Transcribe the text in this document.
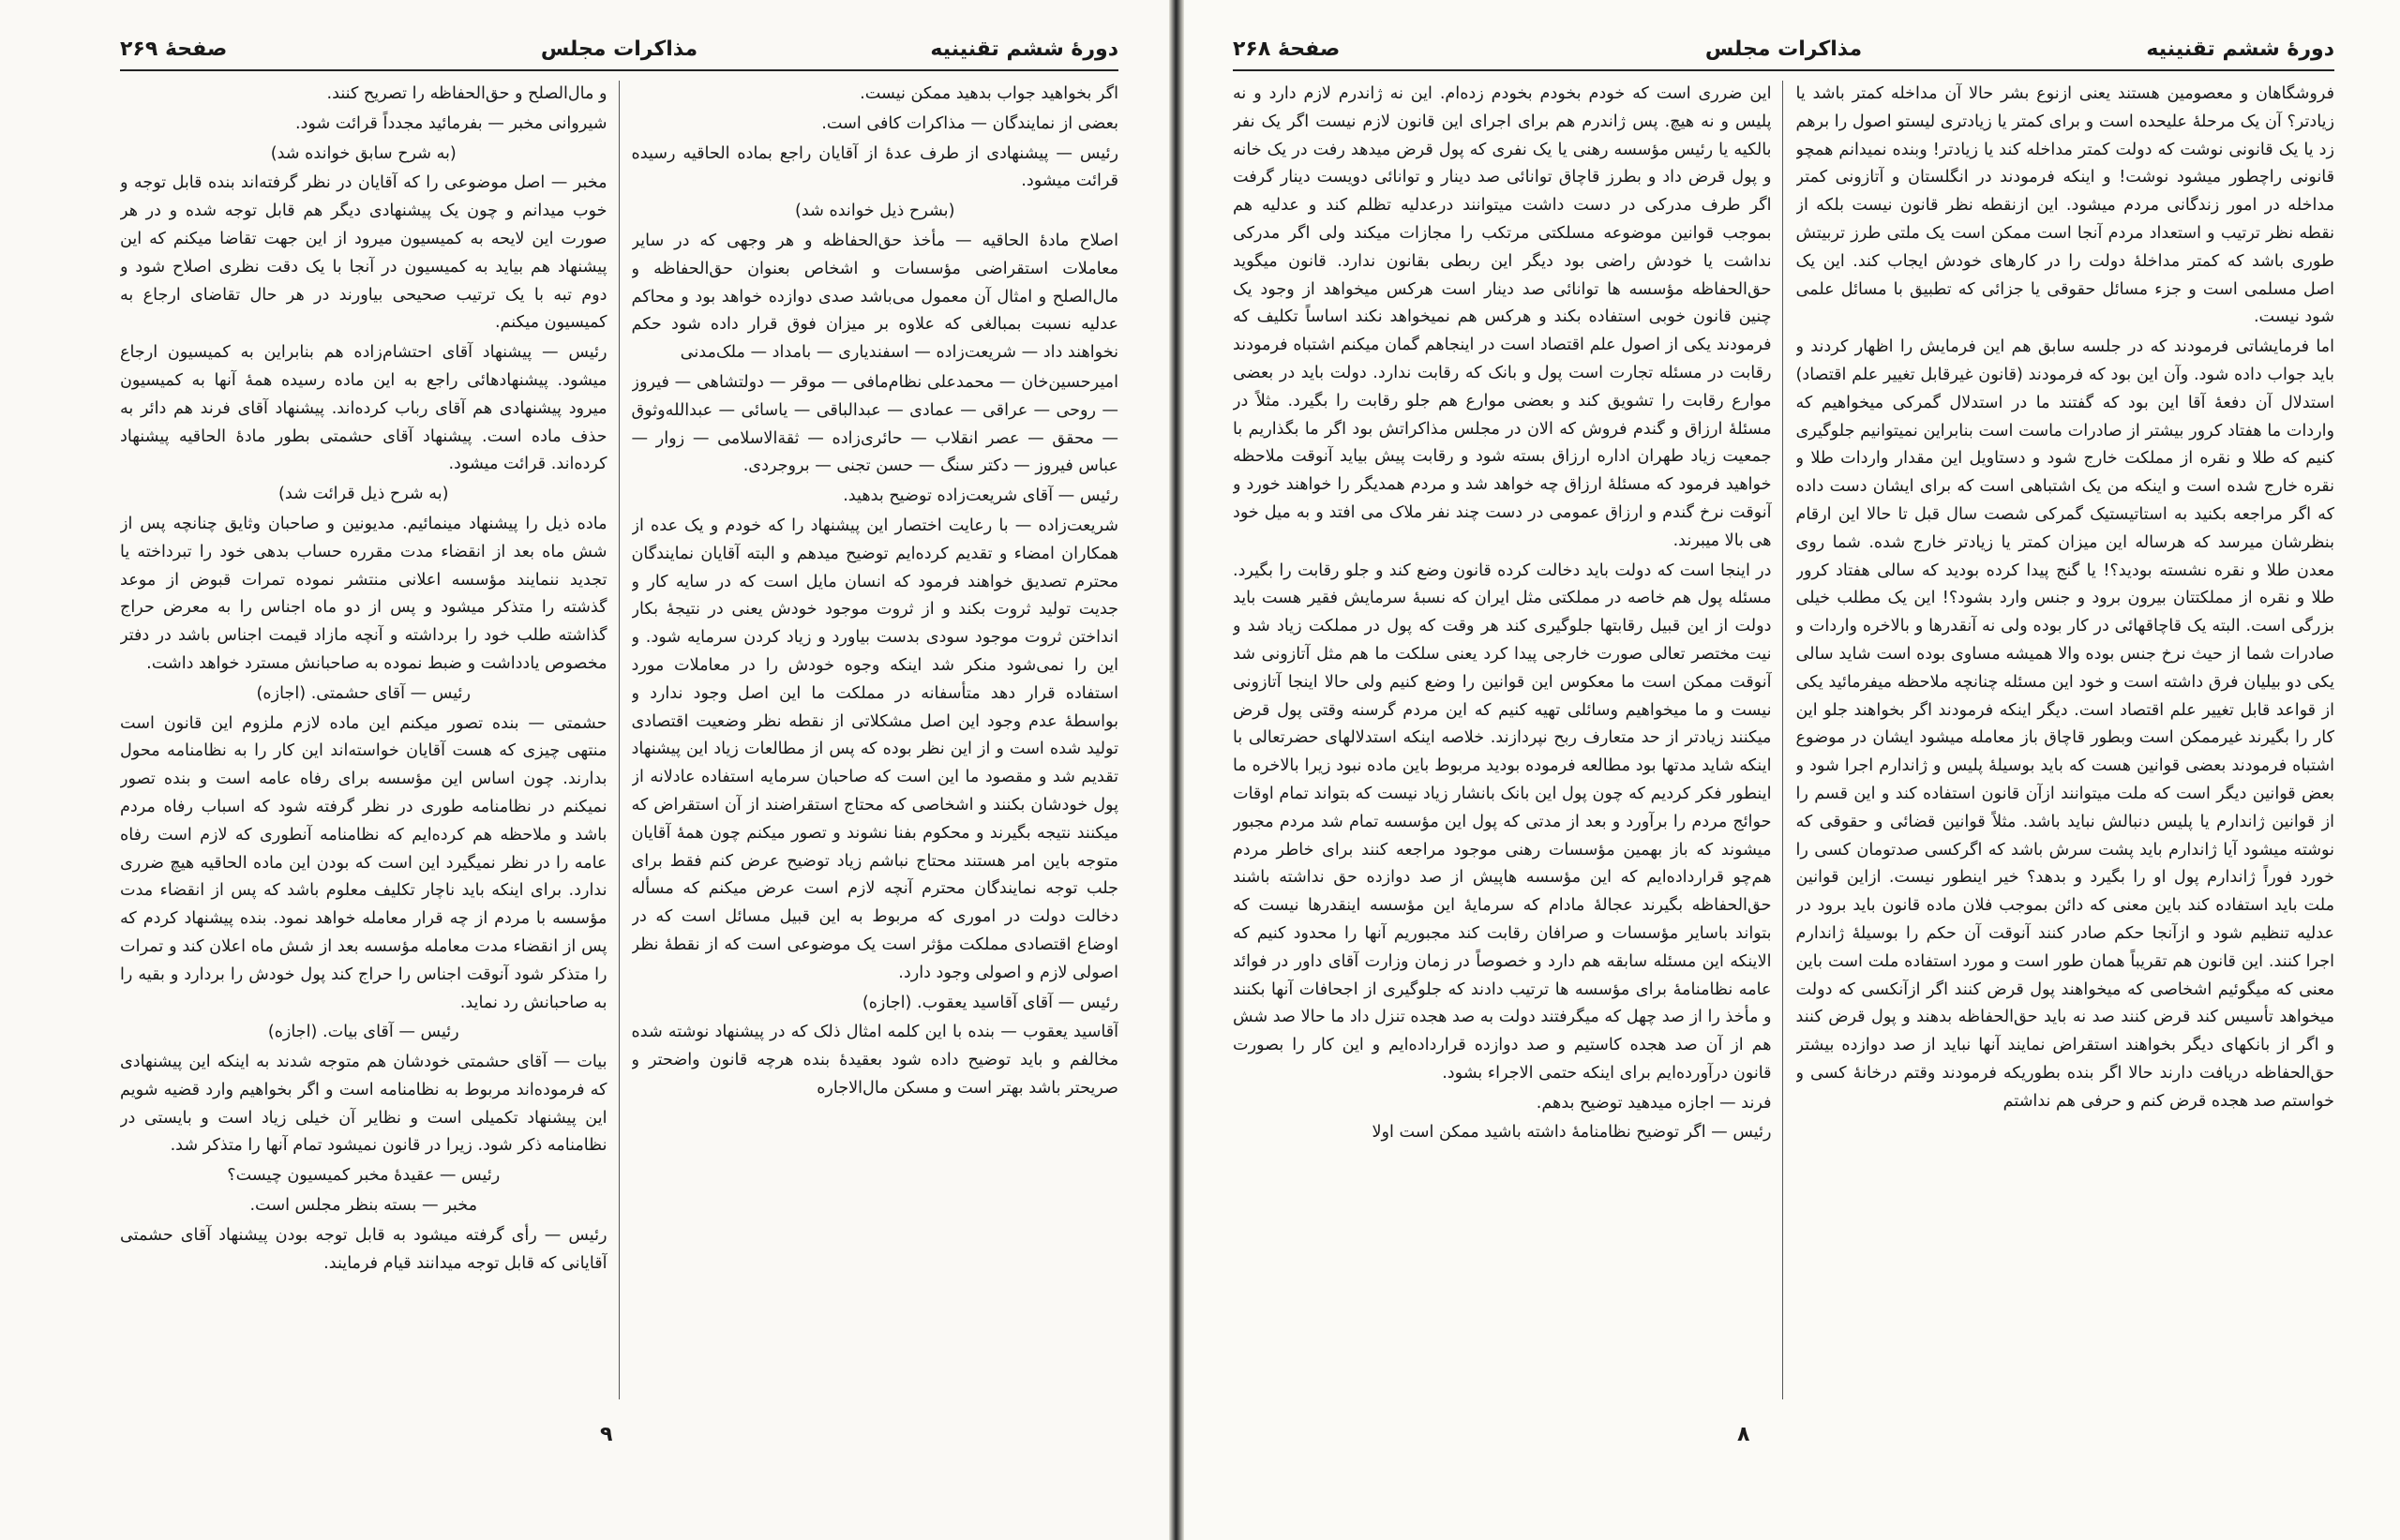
دورهٔ ششم تقنینیه
مذاکرات مجلس
صفحهٔ ۲۶۹

اگر بخواهید جواب بدهید ممکن نیست.

بعضی از نمایندگان — مذاکرات کافی است.

رئیس — پیشنهادی از طرف عدهٔ از آقایان راجع بماده الحاقیه رسیده قرائت میشود.

(بشرح ذیل خوانده شد)

اصلاح مادهٔ الحاقیه — مأخذ حق‌الحفاظه و هر وجهی که در سایر معاملات استقراضی مؤسسات و اشخاص بعنوان حق‌الحفاظه و مال‌الصلح و امثال آن معمول می‌باشد صدی دوازده خواهد بود و محاکم عدلیه نسبت بمبالغی که علاوه بر میزان فوق قرار داده شود حکم نخواهند داد — شریعت‌زاده — اسفندیاری — بامداد — ملک‌مدنی

امیرحسین‌خان — محمدعلی نظام‌مافی — موقر — دولتشاهی — فیروز — روحی — عراقی — عمادی — عبدالباقی — یاسائی — عبدالله‌وثوق — محقق — عصر انقلاب — حائری‌زاده — ثقةالاسلامی — زوار — عباس فیروز — دکتر سنگ — حسن تجنی — بروجردی.

رئیس — آقای شریعت‌زاده توضیح بدهید.

شریعت‌زاده — با رعایت اختصار این پیشنهاد را که خودم و یک عده از همکاران امضاء و تقدیم کرده‌ایم توضیح میدهم و البته آقایان نمایندگان محترم تصدیق خواهند فرمود که انسان مایل است که در سایه کار و جدیت تولید ثروت بکند و از ثروت موجود خودش یعنی در نتیجهٔ بکار انداختن ثروت موجود سودی بدست بیاورد و زیاد کردن سرمایه شود. و این را نمی‌شود منکر شد اینکه وجوه خودش را در معاملات مورد استفاده قرار دهد متأسفانه در مملکت ما این اصل وجود ندارد و بواسطهٔ عدم وجود این اصل مشکلاتی از نقطه نظر وضعیت اقتصادی تولید شده است و از این نظر بوده که پس از مطالعات زیاد این پیشنهاد تقدیم شد و مقصود ما این است که صاحبان سرمایه استفاده عادلانه از پول خودشان بکنند و اشخاصی که محتاج استقراضند از آن استقراض که میکنند نتیجه بگیرند و محکوم بفنا نشوند و تصور میکنم چون همهٔ آقایان متوجه باین امر هستند محتاج نباشم زیاد توضیح عرض کنم فقط برای جلب توجه نمایندگان محترم آنچه لازم است عرض میکنم که مسأله دخالت دولت در اموری که مربوط به این قبیل مسائل است که در اوضاع اقتصادی مملکت مؤثر است یک موضوعی است که از نقطهٔ نظر اصولی لازم و اصولی وجود دارد.

رئیس — آقای آقاسید یعقوب. (اجازه)

آقاسید یعقوب — بنده با این کلمه امثال ذلک که در پیشنهاد نوشته شده مخالفم و باید توضیح داده شود بعقیدهٔ بنده هرچه قانون واضحتر و صریحتر باشد بهتر است و مسکن مال‌الاجاره

و مال‌الصلح و حق‌الحفاظه را تصریح کنند.

شیروانی مخبر — بفرمائید مجدداً قرائت شود.

(به شرح سابق خوانده شد)

مخبر — اصل موضوعی را که آقایان در نظر گرفته‌اند بنده قابل توجه و خوب میدانم و چون یک پیشنهادی دیگر هم قابل توجه شده و در هر صورت این لایحه به کمیسیون میرود از این جهت تقاضا میکنم که این پیشنهاد هم بیاید به کمیسیون در آنجا با یک دقت نظری اصلاح شود و دوم تبه با یک ترتیب صحیحی بیاورند در هر حال تقاضای ارجاع به کمیسیون میکنم.

رئیس — پیشنهاد آقای احتشام‌زاده هم بنابراین به کمیسیون ارجاع میشود. پیشنهادهائی راجع به این ماده رسیده همهٔ آنها به کمیسیون میرود پیشنهادی هم آقای رباب کرده‌اند. پیشنهاد آقای فرند هم دائر به حذف ماده است. پیشنهاد آقای حشمتی بطور مادهٔ الحاقیه پیشنهاد کرده‌اند. قرائت میشود.

(به شرح ذیل قرائت شد)

ماده ذیل را پیشنهاد مینمائیم. مدیونین و صاحبان وثایق چنانچه پس از شش ماه بعد از انقضاء مدت مقرره حساب بدهی خود را تبرداخته یا تجدید ننمایند مؤسسه اعلانی منتشر نموده تمرات قبوض از موعد گذشته را متذکر میشود و پس از دو ماه اجناس را به معرض حراج گذاشته طلب خود را برداشته و آنچه مازاد قیمت اجناس باشد در دفتر مخصوص یادداشت و ضبط نموده به صاحبانش مسترد خواهد داشت.

رئیس — آقای حشمتی. (اجازه)

حشمتی — بنده تصور میکنم این ماده لازم ملزوم این قانون است منتهی چیزی که هست آقایان خواسته‌اند این کار را به نظامنامه محول بدارند. چون اساس این مؤسسه برای رفاه عامه است و بنده تصور نمیکنم در نظامنامه طوری در نظر گرفته شود که اسباب رفاه مردم باشد و ملاحظه هم کرده‌ایم که نظامنامه آنطوری که لازم است رفاه عامه را در نظر نمیگیرد این است که بودن این ماده الحاقیه هیچ ضرری ندارد. برای اینکه باید ناچار تکلیف معلوم باشد که پس از انقضاء مدت مؤسسه با مردم از چه قرار معامله خواهد نمود. بنده پیشنهاد کردم که پس از انقضاء مدت معامله مؤسسه بعد از شش ماه اعلان کند و تمرات را متذکر شود آنوقت اجناس را حراج کند پول خودش را بردارد و بقیه را به صاحبانش رد نماید.

رئیس — آقای بیات. (اجازه)

بیات — آقای حشمتی خودشان هم متوجه شدند به اینکه این پیشنهادی که فرموده‌اند مربوط به نظامنامه است و اگر بخواهیم وارد قضیه شویم این پیشنهاد تکمیلی است و نظایر آن خیلی زیاد است و بایستی در نظامنامه ذکر شود. زیرا در قانون نمیشود تمام آنها را متذکر شد.

رئیس — عقیدهٔ مخبر کمیسیون چیست؟

مخبر — بسته بنظر مجلس است.

رئیس — رأی گرفته میشود به قابل توجه بودن پیشنهاد آقای حشمتی آقایانی که قابل توجه میدانند قیام فرمایند.

۹
دورهٔ ششم تقنینیه
مذاکرات مجلس
صفحهٔ ۲۶۸

فروشگاهان و معصومین هستند یعنی ازنوع بشر حالا آن مداخله کمتر باشد یا زیادتر؟ آن یک مرحلهٔ علیحده است و برای کمتر یا زیادتری لیستو اصول را برهم زد یا یک قانونی نوشت که دولت کمتر مداخله کند یا زیادتر! وبنده نمیدانم همچو قانونی راچطور میشود نوشت! و اینکه فرمودند در انگلستان و آتازونی کمتر مداخله در امور زندگانی مردم میشود. این ازنقطه نظر قانون نیست بلکه از نقطه نظر ترتیب و استعداد مردم آنجا است ممکن است یک ملتی طرز تربیتش طوری باشد که کمتر مداخلهٔ دولت را در کارهای خودش ایجاب کند. این یک اصل مسلمی است و جزء مسائل حقوقی یا جزائی که تطبیق با مسائل علمی شود نیست.

اما فرمایشاتی فرمودند که در جلسه سابق هم این فرمایش را اظهار کردند و باید جواب داده شود. وآن این بود که فرمودند (قانون غیرقابل تغییر علم اقتصاد) استدلال آن دفعهٔ آقا این بود که گفتند ما در استدلال گمرکی میخواهیم که واردات ما هفتاد کرور بیشتر از صادرات ماست است بنابراین نمیتوانیم جلوگیری کنیم که طلا و نقره از مملکت خارج شود و دستاویل این مقدار واردات طلا و نقره خارج شده است و اینکه من یک اشتباهی است که برای ایشان دست داده که اگر مراجعه بکنید به استاتیستیک گمرکی شصت سال قبل تا حالا این ارقام بنظرشان میرسد که هرساله این میزان کمتر یا زیادتر خارج شده. شما روی معدن طلا و نقره نشسته بودید؟! یا گنج پیدا کرده بودید که سالی هفتاد کرور طلا و نقره از مملکتتان بیرون برود و جنس وارد بشود؟! این یک مطلب خیلی بزرگی است. البته یک قاچاقهائی در کار بوده ولی نه آنقدرها و بالاخره واردات و صادرات شما از حیث نرخ جنس بوده والا همیشه مساوی بوده است شاید سالی یکی دو بیلیان فرق داشته است و خود این مسئله چنانچه ملاحظه میفرمائید یکی از قواعد قابل تغییر علم اقتصاد است. دیگر اینکه فرمودند اگر بخواهند جلو این کار را بگیرند غیرممکن است وبطور قاچاق باز معامله میشود ایشان در موضوع اشتباه فرمودند بعضی قوانین هست که باید بوسیلهٔ پلیس و ژاندارم اجرا شود و بعض قوانین دیگر است که ملت میتوانند ازآن قانون استفاده کند و این قسم را از قوانین ژاندارم یا پلیس دنبالش نباید باشد. مثلاً قوانین قضائی و حقوقی که نوشته میشود آیا ژاندارم باید پشت سرش باشد که اگرکسی صدتومان کسی را خورد فوراً ژاندارم پول او را بگیرد و بدهد؟ خیر اینطور نیست. ازاین قوانین ملت باید استفاده کند باین معنی که دائن بموجب فلان ماده قانون باید برود در عدلیه تنظیم شود و ازآنجا حکم صادر کنند آنوقت آن حکم را بوسیلهٔ ژاندارم اجرا کنند. این قانون هم تقریباً همان طور است و مورد استفاده ملت است باین معنی که میگوئیم اشخاصی که میخواهند پول قرض کنند اگر ازآنکسی که دولت میخواهد تأسیس کند قرض کنند صد نه باید حق‌الحفاظه بدهند و پول قرض کنند و اگر از بانکهای دیگر بخواهند استقراض نمایند آنها نباید از صد دوازده بیشتر حق‌الحفاظه دریافت دارند حالا اگر بنده بطوریکه فرمودند وقتم درخانهٔ کسی و خواستم صد هجده قرض کنم و حرفی هم نداشتم

این ضرری است که خودم بخودم بخودم زده‌ام. این نه ژاندرم لازم دارد و نه پلیس و نه هیچ. پس ژاندرم هم برای اجرای این قانون لازم نیست اگر یک نفر بالکیه یا رئیس مؤسسه رهنی یا یک نفری که پول قرض میدهد رفت در یک خانه و پول قرض داد و بطرز قاچاق توانائی صد دینار و توانائی دویست دینار گرفت اگر طرف مدرکی در دست داشت میتوانند درعدلیه تظلم کند و عدلیه هم بموجب قوانین موضوعه مسلکتی مرتکب را مجازات میکند ولی اگر مدرکی نداشت یا خودش راضی بود دیگر این ربطی بقانون ندارد. قانون میگوید حق‌الحفاظه مؤسسه ها توانائی صد دینار است هرکس میخواهد از وجود یک چنین قانون خوبی استفاده بکند و هرکس هم نمیخواهد نکند اساساً تکلیف که فرمودند یکی از اصول علم اقتصاد است در اینجاهم گمان میکنم اشتباه فرمودند رقابت در مسئله تجارت است پول و بانک که رقابت ندارد. دولت باید در بعضی موارع رقابت را تشویق کند و بعضی موارع هم جلو رقابت را بگیرد. مثلاً در مسئلهٔ ارزاق و گندم فروش که الان در مجلس مذاکراتش بود اگر ما بگذاریم با جمعیت زیاد طهران اداره ارزاق بسته شود و رقابت پیش بیاید آنوقت ملاحظه خواهید فرمود که مسئلهٔ ارزاق چه خواهد شد و مردم همدیگر را خواهند خورد و آنوقت نرخ گندم و ارزاق عمومی در دست چند نفر ملاک می افتد و به میل خود هی بالا میبرند.

در اینجا است که دولت باید دخالت کرده قانون وضع کند و جلو رقابت را بگیرد. مسئله پول هم خاصه در مملکتی مثل ایران که نسبهٔ سرمایش فقیر هست باید دولت از این قبیل رقابتها جلوگیری کند هر وقت که پول در مملکت زیاد شد و نیت مختصر تعالی صورت خارجی پیدا کرد یعنی سلکت ما هم مثل آتازونی شد آنوقت ممکن است ما معکوس این قوانین را وضع کنیم ولی حالا اینجا آتازونی نیست و ما میخواهیم وسائلی تهیه کنیم که این مردم گرسنه وقتی پول قرض میکنند زیادتر از حد متعارف ربح نپردازند. خلاصه اینکه استدلالهای حضرتعالی با اینکه شاید مدتها بود مطالعه فرموده بودید مربوط باین ماده نبود زیرا بالاخره ما اینطور فکر کردیم که چون پول این بانک بانشار زیاد نیست که بتواند تمام اوقات حوائج مردم را برآورد و بعد از مدتی که پول این مؤسسه تمام شد مردم مجبور میشوند که باز بهمین مؤسسات رهنی موجود مراجعه کنند برای خاطر مردم هم‌چو قرارداده‌ایم که این مؤسسه هاپیش از صد دوازده حق نداشته باشند حق‌الحفاظه بگیرند عجالهٔ مادام که سرمایهٔ این مؤسسه اینقدرها نیست که بتواند باسایر مؤسسات و صرافان رقابت کند مجبوریم آنها را محدود کنیم که الاینکه این مسئله سابقه هم دارد و خصوصاً در زمان وزارت آقای داور در فوائد عامه نظامنامهٔ برای مؤسسه ها ترتیب دادند که جلوگیری از اجحافات آنها بکنند و مأخذ را از صد چهل که میگرفتند دولت به صد هجده تنزل داد ما حالا صد شش هم از آن صد هجده کاستیم و صد دوازده قرارداده‌ایم و این کار را بصورت قانون درآورده‌ایم برای اینکه حتمی الاجراء بشود.

فرند — اجازه میدهید توضیح بدهم.

رئیس — اگر توضیح نظامنامهٔ داشته باشید ممکن است اولا

۸
